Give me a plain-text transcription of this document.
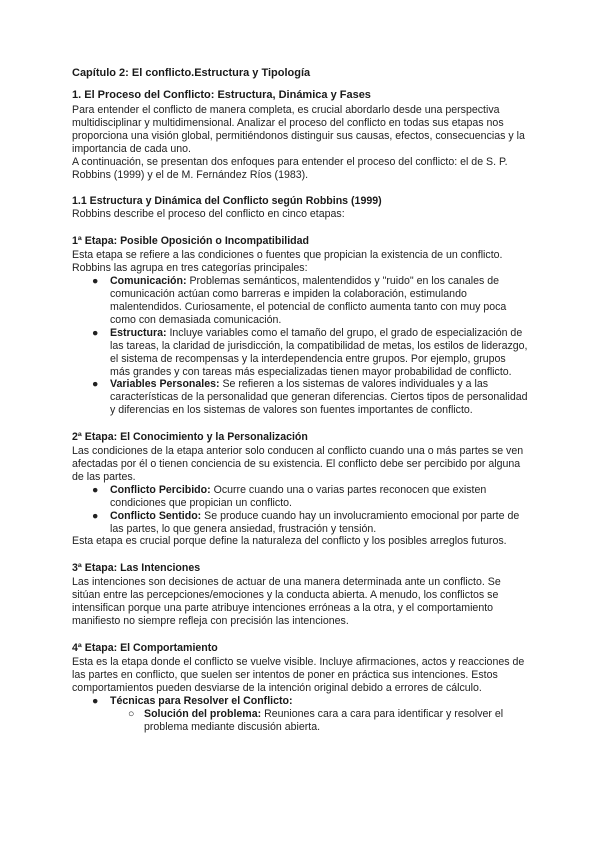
Capítulo 2: El conflicto.Estructura y Tipología
1. El Proceso del Conflicto: Estructura, Dinámica y Fases

Para entender el conflicto de manera completa, es crucial abordarlo desde una perspectiva multidisciplinar y multidimensional. Analizar el proceso del conflicto en todas sus etapas nos proporciona una visión global, permitiéndonos distinguir sus causas, efectos, consecuencias y la importancia de cada uno.

A continuación, se presentan dos enfoques para entender el proceso del conflicto: el de S. P. Robbins (1999) y el de M. Fernández Ríos (1983).

1.1 Estructura y Dinámica del Conflicto según Robbins (1999)

Robbins describe el proceso del conflicto en cinco etapas:

1ª Etapa: Posible Oposición o Incompatibilidad

Esta etapa se refiere a las condiciones o fuentes que propician la existencia de un conflicto. Robbins las agrupa en tres categorías principales:

● Comunicación: Problemas semánticos, malentendidos y "ruido" en los canales de comunicación actúan como barreras e impiden la colaboración, estimulando malentendidos. Curiosamente, el potencial de conflicto aumenta tanto con muy poca como con demasiada comunicación.
● Estructura: Incluye variables como el tamaño del grupo, el grado de especialización de las tareas, la claridad de jurisdicción, la compatibilidad de metas, los estilos de liderazgo, el sistema de recompensas y la interdependencia entre grupos. Por ejemplo, grupos más grandes y con tareas más especializadas tienen mayor probabilidad de conflicto.
● Variables Personales: Se refieren a los sistemas de valores individuales y a las características de la personalidad que generan diferencias. Ciertos tipos de personalidad y diferencias en los sistemas de valores son fuentes importantes de conflicto.
2ª Etapa: El Conocimiento y la Personalización

Las condiciones de la etapa anterior solo conducen al conflicto cuando una o más partes se ven afectadas por él o tienen conciencia de su existencia. El conflicto debe ser percibido por alguna de las partes.

● Conflicto Percibido: Ocurre cuando una o varias partes reconocen que existen condiciones que propician un conflicto.
● Conflicto Sentido: Se produce cuando hay un involucramiento emocional por parte de las partes, lo que genera ansiedad, frustración y tensión.

Esta etapa es crucial porque define la naturaleza del conflicto y los posibles arreglos futuros.

3ª Etapa: Las Intenciones

Las intenciones son decisiones de actuar de una manera determinada ante un conflicto. Se sitúan entre las percepciones/emociones y la conducta abierta. A menudo, los conflictos se intensifican porque una parte atribuye intenciones erróneas a la otra, y el comportamiento manifiesto no siempre refleja con precisión las intenciones.

4ª Etapa: El Comportamiento

Esta es la etapa donde el conflicto se vuelve visible. Incluye afirmaciones, actos y reacciones de las partes en conflicto, que suelen ser intentos de poner en práctica sus intenciones. Estos comportamientos pueden desviarse de la intención original debido a errores de cálculo.

● Técnicas para Resolver el Conflicto:
○ Solución del problema: Reuniones cara a cara para identificar y resolver el problema mediante discusión abierta.
